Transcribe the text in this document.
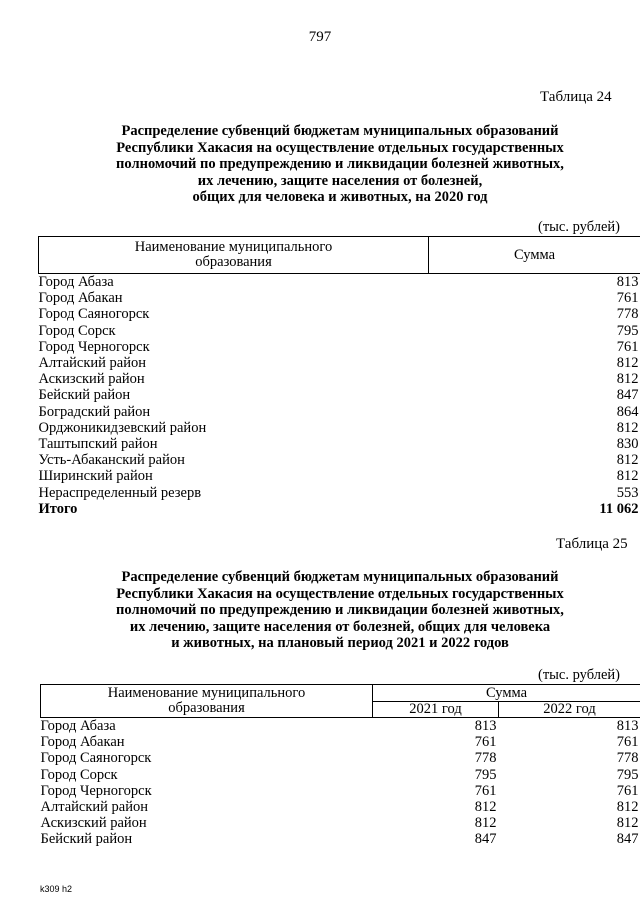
797
Таблица 24
Распределение субвенций бюджетам муниципальных образований
Республики Хакасия на осуществление отдельных государственных
полномочий по предупреждению и ликвидации болезней животных,
их лечению, защите населения от болезней,
общих для человека и животных, на 2020 год
(тыс. рублей)
Наименование муниципального образования	Сумма
Город Абаза	813
Город Абакан	761
Город Саяногорск	778
Город Сорск	795
Город Черногорск	761
Алтайский район	812
Аскизский район	812
Бейский район	847
Боградский район	864
Орджоникидзевский район	812
Таштыпский район	830
Усть-Абаканский район	812
Ширинский район	812
Нераспределенный резерв	553
Итого	11 062
Таблица 25
Распределение субвенций бюджетам муниципальных образований
Республики Хакасия на осуществление отдельных государственных
полномочий по предупреждению и ликвидации болезней животных,
их лечению, защите населения от болезней, общих для человека
и животных, на плановый период 2021 и 2022 годов
(тыс. рублей)
Наименование муниципального образования	Сумма	
	2021 год	2022 год
Город Абаза	813	813
Город Абакан	761	761
Город Саяногорск	778	778
Город Сорск	795	795
Город Черногорск	761	761
Алтайский район	812	812
Аскизский район	812	812
Бейский район	847	847
k309 h2
